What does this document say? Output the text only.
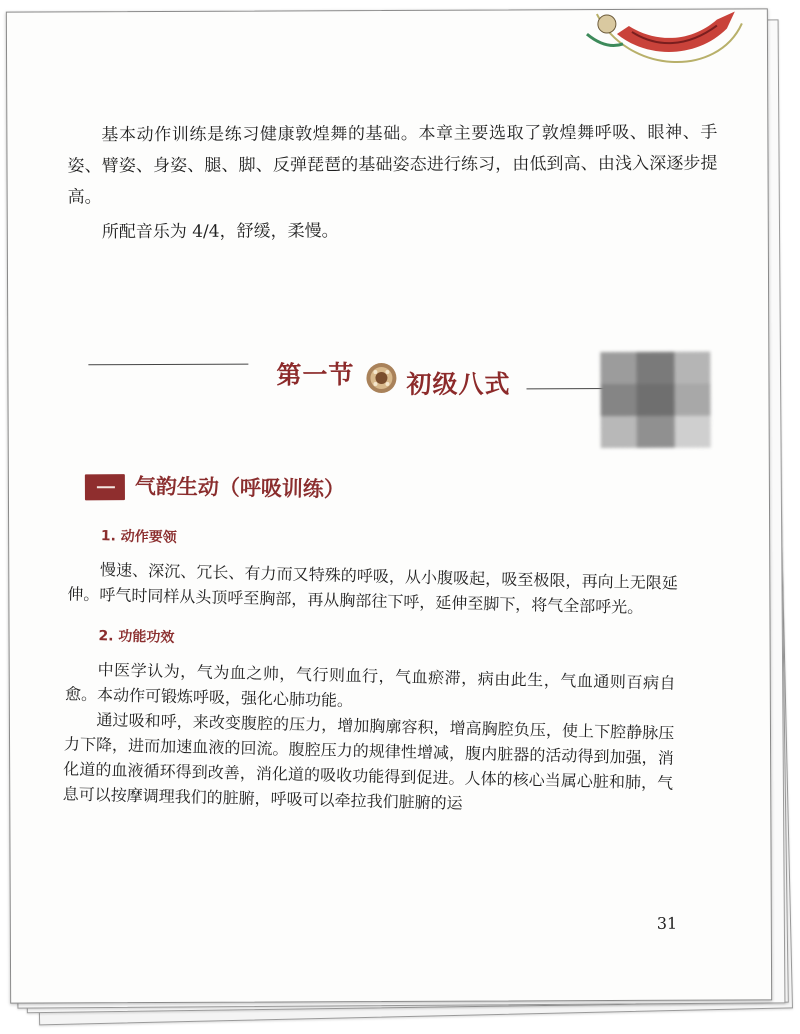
基本动作训练是练习健康敦煌舞的基础。本章主要选取了敦煌舞呼吸、眼神、手姿、臂姿、身姿、腿、脚、反弹琵琶的基础姿态进行练习，由低到高、由浅入深逐步提高。

所配音乐为 4/4，舒缓，柔慢。

第一节 初级八式
气韵生动（呼吸训练）
1. 动作要领

慢速、深沉、冗长、有力而又特殊的呼吸，从小腹吸起，吸至极限，再向上无限延伸。呼气时同样从头顶呼至胸部，再从胸部往下呼，延伸至脚下，将气全部呼光。

2. 功能功效

中医学认为，气为血之帅，气行则血行，气血瘀滞，病由此生，气血通则百病自愈。本动作可锻炼呼吸，强化心肺功能。

通过吸和呼，来改变腹腔的压力，增加胸廓容积，增高胸腔负压，使上下腔静脉压力下降，进而加速血液的回流。腹腔压力的规律性增减，腹内脏器的活动得到加强，消化道的血液循环得到改善，消化道的吸收功能得到促进。人体的核心当属心脏和肺，气息可以按摩调理我们的脏腑，呼吸可以牵拉我们脏腑的运

31
